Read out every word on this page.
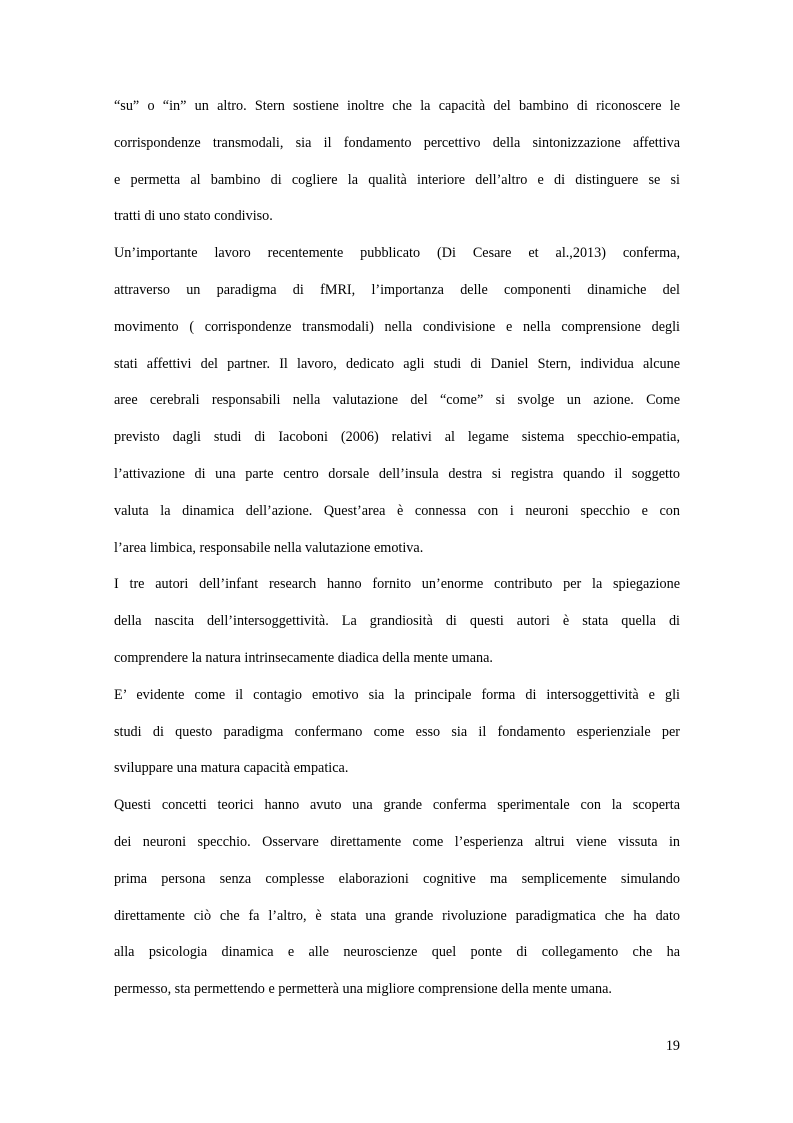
“su” o “in” un altro. Stern sostiene inoltre che la capacità del bambino di riconoscere le
corrispondenze transmodali, sia il fondamento percettivo della sintonizzazione affettiva
e permetta al bambino di cogliere la qualità interiore dell’altro e di distinguere se si
tratti di uno stato condiviso.
Un’importante lavoro recentemente pubblicato (Di Cesare et al.,2013) conferma,
attraverso un paradigma di fMRI, l’importanza delle componenti dinamiche del
movimento ( corrispondenze transmodali) nella condivisione e nella comprensione degli
stati affettivi del partner. Il lavoro, dedicato agli studi di Daniel Stern, individua alcune
aree cerebrali responsabili nella valutazione del “come” si svolge un azione. Come
previsto dagli studi di Iacoboni (2006) relativi al legame sistema specchio-empatia,
l’attivazione di una parte centro dorsale dell’insula destra si registra quando il soggetto
valuta la dinamica dell’azione. Quest’area è connessa con i neuroni specchio e con
l’area limbica, responsabile nella valutazione emotiva.
I tre autori dell’infant research hanno fornito un’enorme contributo per la spiegazione
della nascita dell’intersoggettività. La grandiosità di questi autori è stata quella di
comprendere la natura intrinsecamente diadica della mente umana.
E’ evidente come il contagio emotivo sia la principale forma di intersoggettività e gli
studi di questo paradigma confermano come esso sia il fondamento esperienziale per
sviluppare una matura capacità empatica.
Questi concetti teorici hanno avuto una grande conferma sperimentale con la scoperta
dei neuroni specchio. Osservare direttamente come l’esperienza altrui viene vissuta in
prima persona senza complesse elaborazioni cognitive ma semplicemente simulando
direttamente ciò che fa l’altro, è stata una grande rivoluzione paradigmatica che ha dato
alla psicologia dinamica e alle neuroscienze quel ponte di collegamento che ha
permesso, sta permettendo e permetterà una migliore comprensione della mente umana.
19
